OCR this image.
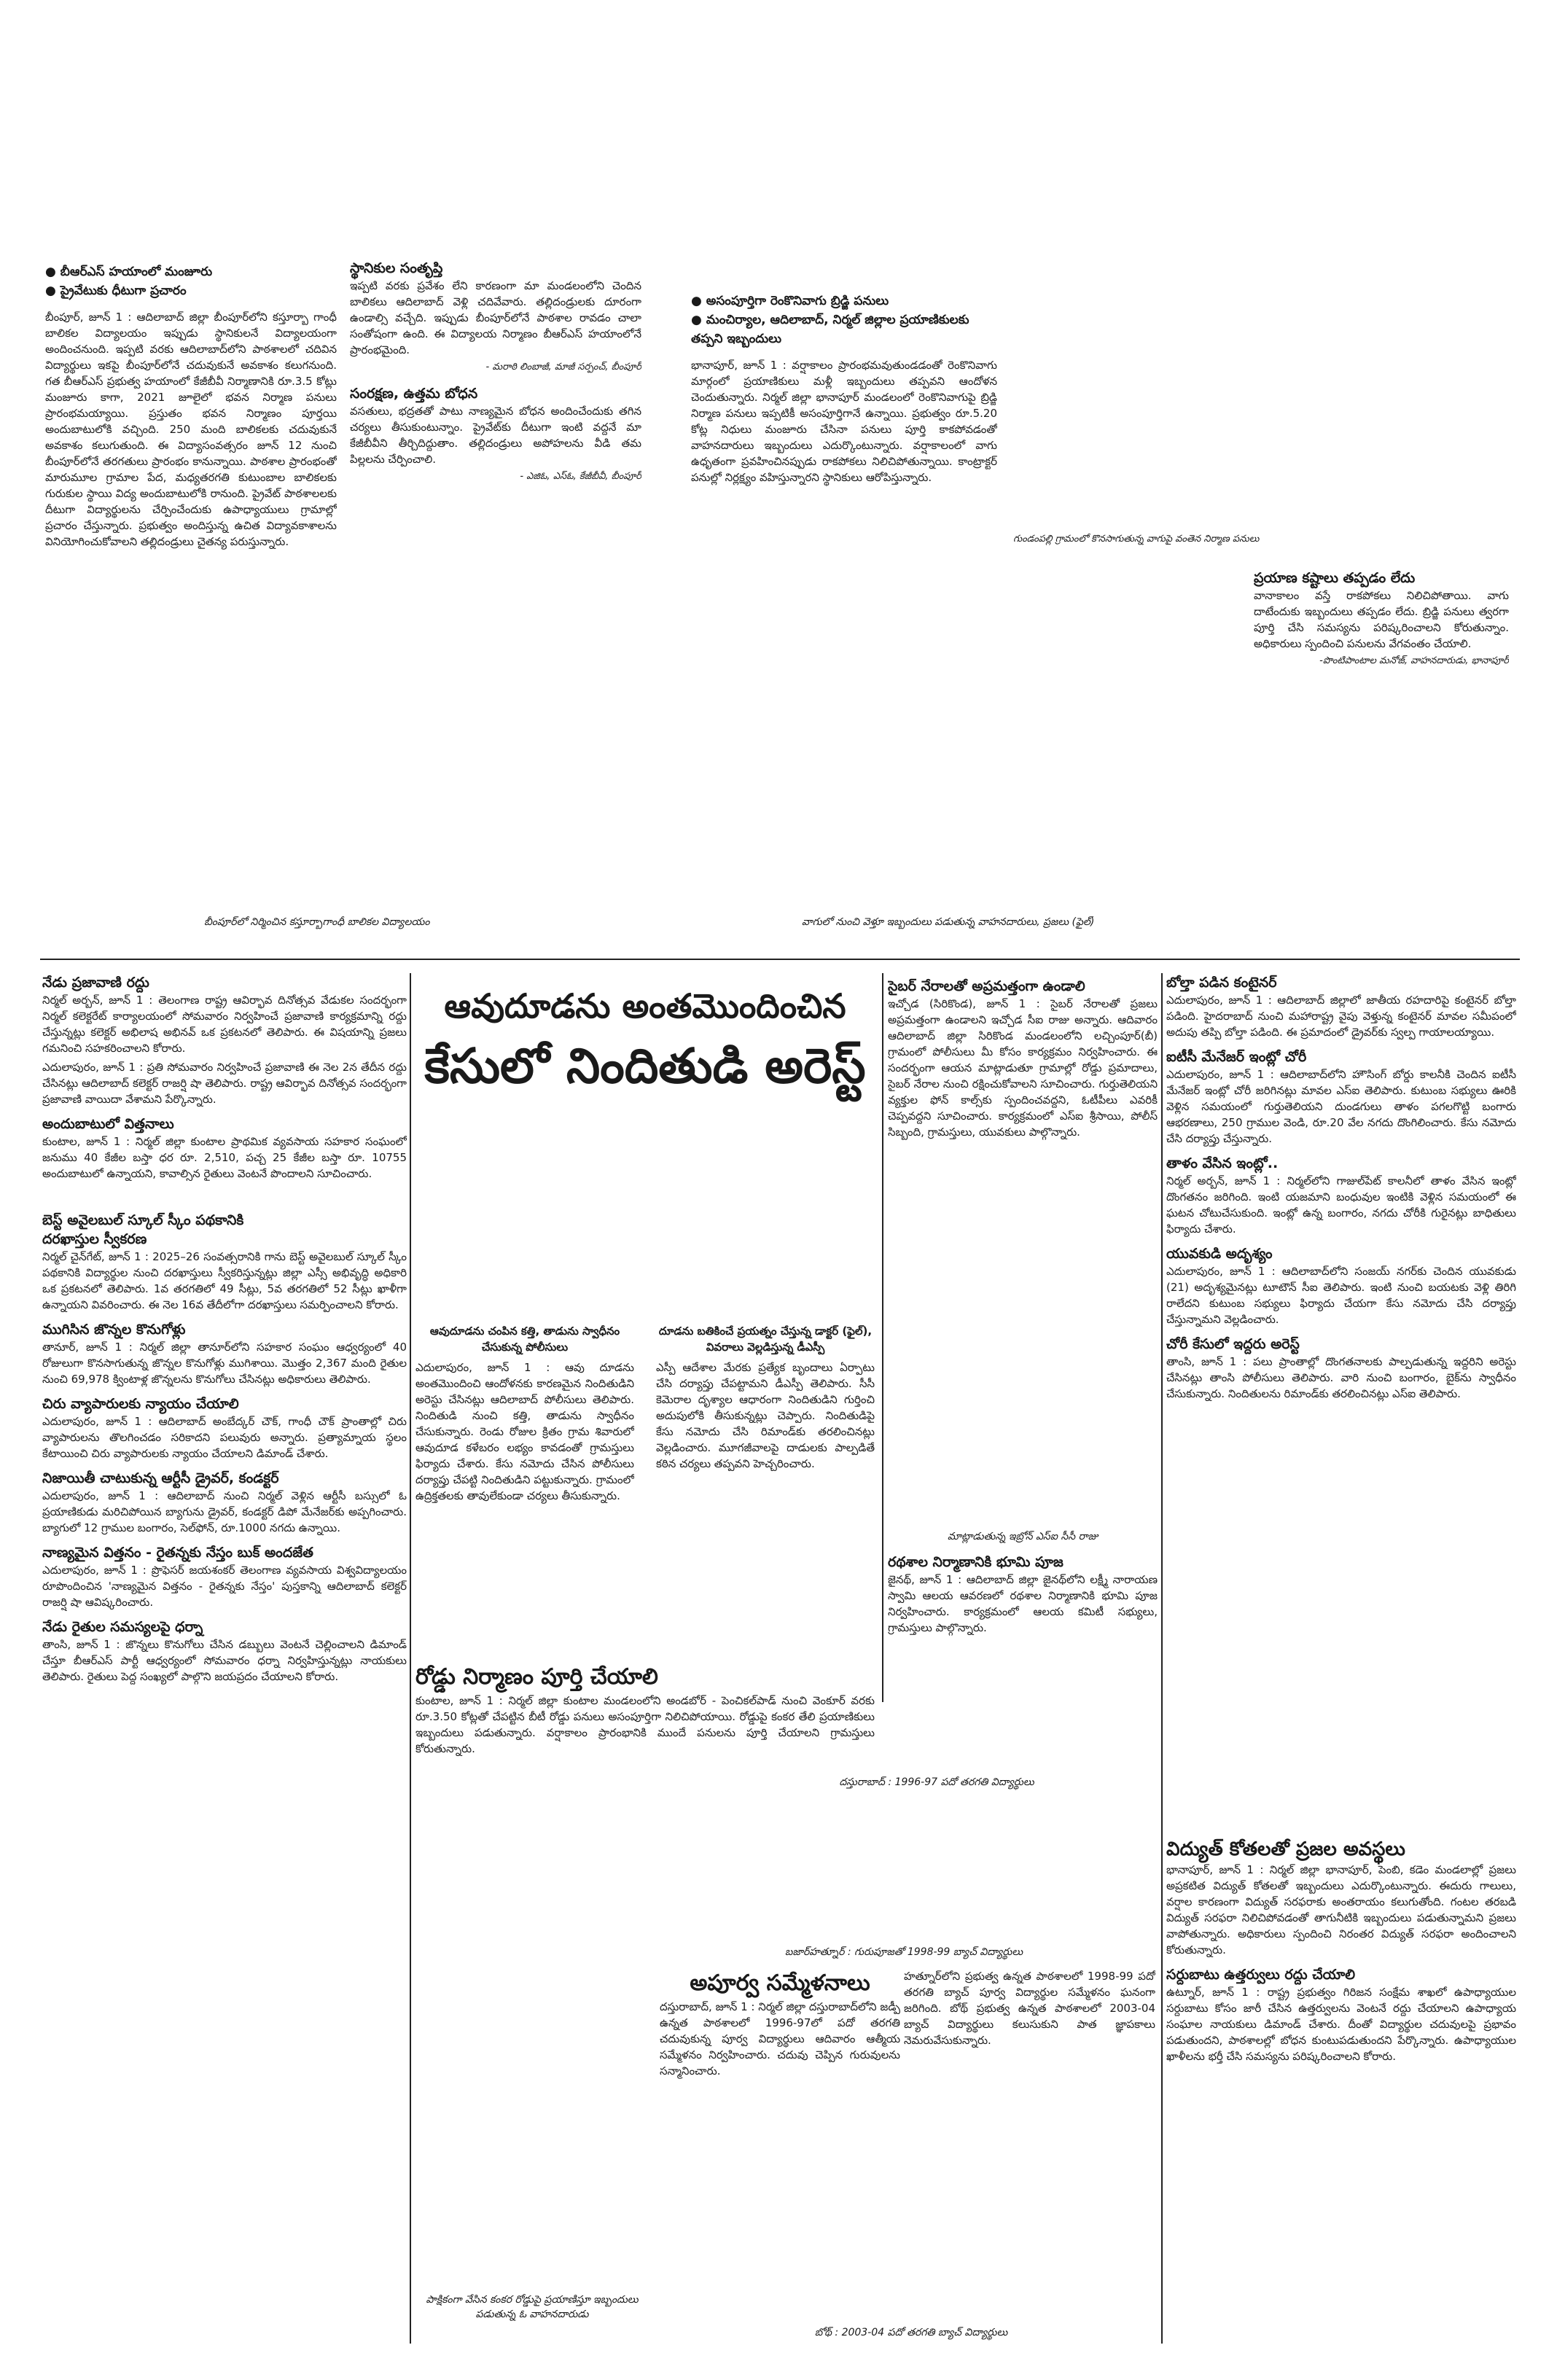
● బీఆర్ఎస్ హయాంలో మంజూరు
● ప్రైవేటుకు ధీటుగా ప్రచారం

బీంపూర్, జూన్ 1 : ఆదిలాబాద్ జిల్లా బీంపూర్‌లోని కస్తూర్బా గాంధీ బాలికల విద్యాలయం ఇప్పుడు స్థానికులనే విద్యాలయంగా అందించనుంది. ఇప్పటి వరకు ఆదిలాబాద్‌లోని పాఠశాలలో చదివిన విద్యార్థులు ఇకపై బీంపూర్‌లోనే చదువుకునే అవకాశం కలుగనుంది. గత బీఆర్ఎస్ ప్రభుత్వ హయాంలో కేజీబీవీ నిర్మాణానికి రూ.3.5 కోట్లు మంజూరు కాగా, 2021 జూలైలో భవన నిర్మాణ పనులు ప్రారంభమయ్యాయి. ప్రస్తుతం భవన నిర్మాణం పూర్తయి అందుబాటులోకి వచ్చింది. 250 మంది బాలికలకు చదువుకునే అవకాశం కలుగుతుంది. ఈ విద్యాసంవత్సరం జూన్ 12 నుంచి బీంపూర్‌లోనే తరగతులు ప్రారంభం కానున్నాయి. పాఠశాల ప్రారంభంతో మారుమూల గ్రామాల పేద, మధ్యతరగతి కుటుంబాల బాలికలకు గురుకుల స్థాయి విద్య అందుబాటులోకి రానుంది. ప్రైవేట్ పాఠశాలలకు దీటుగా విద్యార్థులను చేర్పించేందుకు ఉపాధ్యాయులు గ్రామాల్లో ప్రచారం చేస్తున్నారు. ప్రభుత్వం అందిస్తున్న ఉచిత విద్యావకాశాలను వినియోగించుకోవాలని తల్లిదండ్రులు చైతన్య పరుస్తున్నారు.

స్థానికుల సంతృప్తి

ఇప్పటి వరకు ప్రవేశం లేని కారణంగా మా మండలంలోని చెందిన బాలికలు ఆదిలాబాద్ వెళ్లి చదివేవారు. తల్లిదండ్రులకు దూరంగా ఉండాల్సి వచ్చేది. ఇప్పుడు బీంపూర్‌లోనే పాఠశాల రావడం చాలా సంతోషంగా ఉంది. ఈ విద్యాలయ నిర్మాణం బీఆర్ఎస్ హయాంలోనే ప్రారంభమైంది.

- మరాఠి లింబాజీ, మాజీ సర్పంచ్, బీంపూర్
సంరక్షణ, ఉత్తమ బోధన

వసతులు, భద్రతతో పాటు నాణ్యమైన బోధన అందించేందుకు తగిన చర్యలు తీసుకుంటున్నాం. ప్రైవేట్‌కు దీటుగా ఇంటి వద్దనే మా కేజీబీవీని తీర్చిదిద్దుతాం. తల్లిదండ్రులు అపోహలను వీడి తమ పిల్లలను చేర్పించాలి.

- ఎజిఓ, ఎస్ఓ, కేజీబీవీ, బీంపూర్
బీంపూర్‌లో నిర్మించిన కస్తూర్బాగాంధీ బాలికల విద్యాలయం
● అసంపూర్తిగా రెంకొనివాగు బ్రిడ్జి పనులు
● మంచిర్యాల, ఆదిలాబాద్, నిర్మల్ జిల్లాల ప్రయాణికులకు తప్పని ఇబ్బందులు

భానాపూర్, జూన్ 1 : వర్షాకాలం ప్రారంభమవుతుండడంతో రెంకొనివాగు మార్గంలో ప్రయాణికులు మళ్లీ ఇబ్బందులు తప్పవని ఆందోళన చెందుతున్నారు. నిర్మల్ జిల్లా భానాపూర్ మండలంలో రెంకొనివాగుపై బ్రిడ్జి నిర్మాణ పనులు ఇప్పటికీ అసంపూర్తిగానే ఉన్నాయి. ప్రభుత్వం రూ.5.20 కోట్ల నిధులు మంజూరు చేసినా పనులు పూర్తి కాకపోవడంతో వాహనదారులు ఇబ్బందులు ఎదుర్కొంటున్నారు. వర్షాకాలంలో వాగు ఉధృతంగా ప్రవహించినప్పుడు రాకపోకలు నిలిచిపోతున్నాయి. కాంట్రాక్టర్ పనుల్లో నిర్లక్ష్యం వహిస్తున్నారని స్థానికులు ఆరోపిస్తున్నారు.

గుండంపల్లి గ్రామంలో కొనసాగుతున్న వాగుపై వంతెన నిర్మాణ పనులు
ప్రయాణ కష్టాలు తప్పడం లేదు

వానాకాలం వస్తే రాకపోకలు నిలిచిపోతాయి. వాగు దాటేందుకు ఇబ్బందులు తప్పడం లేదు. బ్రిడ్జి పనులు త్వరగా పూర్తి చేసి సమస్యను పరిష్కరించాలని కోరుతున్నాం. అధికారులు స్పందించి పనులను వేగవంతం చేయాలి.

-పొంటిపాంటాల మనోజ్, వాహనదారుడు, భానాపూర్
వాగులో నుంచి వెళ్తూ ఇబ్బందులు పడుతున్న వాహనదారులు, ప్రజలు (ఫైల్)
నేడు ప్రజావాణి రద్దు

నిర్మల్ అర్బన్, జూన్ 1 : తెలంగాణ రాష్ట్ర ఆవిర్భావ దినోత్సవ వేడుకల సందర్భంగా నిర్మల్ కలెక్టరేట్ కార్యాలయంలో సోమవారం నిర్వహించే ప్రజావాణి కార్యక్రమాన్ని రద్దు చేస్తున్నట్లు కలెక్టర్ అభిలాష అభినవ్ ఒక ప్రకటనలో తెలిపారు. ఈ విషయాన్ని ప్రజలు గమనించి సహకరించాలని కోరారు.

ఎదులాపురం, జూన్ 1 : ప్రతి సోమవారం నిర్వహించే ప్రజావాణి ఈ నెల 2న తేదీన రద్దు చేసినట్లు ఆదిలాబాద్ కలెక్టర్ రాజర్షి షా తెలిపారు. రాష్ట్ర ఆవిర్భావ దినోత్సవ సందర్భంగా ప్రజావాణి వాయిదా వేశామని పేర్కొన్నారు.

అందుబాటులో విత్తనాలు

కుంటాల, జూన్ 1 : నిర్మల్ జిల్లా కుంటాల ప్రాథమిక వ్యవసాయ సహకార సంఘంలో జనుము 40 కేజీల బస్తా ధర రూ. 2,510, పచ్చ 25 కేజీల బస్తా రూ. 10755 అందుబాటులో ఉన్నాయని, కావాల్సిన రైతులు వెంటనే పొందాలని సూచించారు.

బెస్ట్ అవైలబుల్ స్కూల్ స్కీం పథకానికి
దరఖాస్తుల స్వీకరణ

నిర్మల్ చైన్‌గేట్, జూన్ 1 : 2025–26 సంవత్సరానికి గాను బెస్ట్ అవైలబుల్ స్కూల్ స్కీం పథకానికి విద్యార్థుల నుంచి దరఖాస్తులు స్వీకరిస్తున్నట్లు జిల్లా ఎస్సీ అభివృద్ధి అధికారి ఒక ప్రకటనలో తెలిపారు. 1వ తరగతిలో 49 సీట్లు, 5వ తరగతిలో 52 సీట్లు ఖాళీగా ఉన్నాయని వివరించారు. ఈ నెల 16వ తేదీలోగా దరఖాస్తులు సమర్పించాలని కోరారు.

ముగిసిన జొన్నల కొనుగోళ్లు

తానూర్, జూన్ 1 : నిర్మల్ జిల్లా తానూర్‌లోని సహకార సంఘం ఆధ్వర్యంలో 40 రోజులుగా కొనసాగుతున్న జొన్నల కొనుగోళ్లు ముగిశాయి. మొత్తం 2,367 మంది రైతుల నుంచి 69,978 క్వింటాళ్ల జొన్నలను కొనుగోలు చేసినట్లు అధికారులు తెలిపారు.

చిరు వ్యాపారులకు న్యాయం చేయాలి

ఎదులాపురం, జూన్ 1 : ఆదిలాబాద్ అంబేద్కర్ చౌక్, గాంధీ చౌక్ ప్రాంతాల్లో చిరు వ్యాపారులను తొలగించడం సరికాదని పలువురు అన్నారు. ప్రత్యామ్నాయ స్థలం కేటాయించి చిరు వ్యాపారులకు న్యాయం చేయాలని డిమాండ్ చేశారు.

నిజాయితీ చాటుకున్న ఆర్టీసీ డ్రైవర్, కండక్టర్

ఎదులాపురం, జూన్ 1 : ఆదిలాబాద్ నుంచి నిర్మల్ వెళ్లిన ఆర్టీసీ బస్సులో ఓ ప్రయాణికుడు మరిచిపోయిన బ్యాగును డ్రైవర్, కండక్టర్ డిపో మేనేజర్‌కు అప్పగించారు. బ్యాగులో 12 గ్రాముల బంగారం, సెల్‌ఫోన్, రూ.1000 నగదు ఉన్నాయి.

నాణ్యమైన విత్తనం - రైతన్నకు నేస్తం బుక్ అందజేత

ఎదులాపురం, జూన్ 1 : ప్రొఫెసర్ జయశంకర్ తెలంగాణ వ్యవసాయ విశ్వవిద్యాలయం రూపొందించిన 'నాణ్యమైన విత్తనం - రైతన్నకు నేస్తం' పుస్తకాన్ని ఆదిలాబాద్ కలెక్టర్ రాజర్షి షా ఆవిష్కరించారు.

నేడు రైతుల సమస్యలపై ధర్నా

తాంసి, జూన్ 1 : జొన్నలు కొనుగోలు చేసిన డబ్బులు వెంటనే చెల్లించాలని డిమాండ్ చేస్తూ బీఆర్ఎస్ పార్టీ ఆధ్వర్యంలో సోమవారం ధర్నా నిర్వహిస్తున్నట్లు నాయకులు తెలిపారు. రైతులు పెద్ద సంఖ్యలో పాల్గొని జయప్రదం చేయాలని కోరారు.

ఆవుదూడను అంతమొందించిన
కేసులో నిందితుడి అరెస్ట్
ఆవుదూడను చంపిన కత్తి, తాడును స్వాధీనం చేసుకున్న పోలీసులు

ఎదులాపురం, జూన్ 1 : ఆవు దూడను అంతమొందించి ఆందోళనకు కారణమైన నిందితుడిని అరెస్టు చేసినట్లు ఆదిలాబాద్ పోలీసులు తెలిపారు. నిందితుడి నుంచి కత్తి, తాడును స్వాధీనం చేసుకున్నారు. రెండు రోజుల క్రితం గ్రామ శివారులో ఆవుదూడ కళేబరం లభ్యం కావడంతో గ్రామస్తులు ఫిర్యాదు చేశారు. కేసు నమోదు చేసిన పోలీసులు దర్యాప్తు చేపట్టి నిందితుడిని పట్టుకున్నారు. గ్రామంలో ఉద్రిక్తతలకు తావులేకుండా చర్యలు తీసుకున్నారు.

దూడను బతికించే ప్రయత్నం చేస్తున్న డాక్టర్ (ఫైల్), వివరాలు వెల్లడిస్తున్న డీఎస్పీ

ఎస్పీ ఆదేశాల మేరకు ప్రత్యేక బృందాలు ఏర్పాటు చేసి దర్యాప్తు చేపట్టామని డీఎస్పీ తెలిపారు. సీసీ కెమెరాల దృశ్యాల ఆధారంగా నిందితుడిని గుర్తించి అదుపులోకి తీసుకున్నట్లు చెప్పారు. నిందితుడిపై కేసు నమోదు చేసి రిమాండ్‌కు తరలించినట్లు వెల్లడించారు. మూగజీవాలపై దాడులకు పాల్పడితే కఠిన చర్యలు తప్పవని హెచ్చరించారు.

రోడ్డు నిర్మాణం పూర్తి చేయాలి

కుంటాల, జూన్ 1 : నిర్మల్ జిల్లా కుంటాల మండలంలోని అండబోర్ - పెంచికల్‌పాడ్ నుంచి వెంకూర్ వరకు రూ.3.50 కోట్లతో చేపట్టిన బీటీ రోడ్డు పనులు అసంపూర్తిగా నిలిచిపోయాయి. రోడ్డుపై కంకర తేలి ప్రయాణికులు ఇబ్బందులు పడుతున్నారు. వర్షాకాలం ప్రారంభానికి ముందే పనులను పూర్తి చేయాలని గ్రామస్తులు కోరుతున్నారు.

సైబర్ నేరాలతో అప్రమత్తంగా ఉండాలి

ఇచ్చోడ (సిరికొండ), జూన్ 1 : సైబర్ నేరాలతో ప్రజలు అప్రమత్తంగా ఉండాలని ఇచ్చోడ సీఐ రాజు అన్నారు. ఆదివారం ఆదిలాబాద్ జిల్లా సిరికొండ మండలంలోని లచ్చింపూర్(బీ) గ్రామంలో పోలీసులు మీ కోసం కార్యక్రమం నిర్వహించారు. ఈ సందర్భంగా ఆయన మాట్లాడుతూ గ్రామాల్లో రోడ్డు ప్రమాదాలు, సైబర్ నేరాల నుంచి రక్షించుకోవాలని సూచించారు. గుర్తుతెలియని వ్యక్తుల ఫోన్ కాల్స్‌కు స్పందించవద్దని, ఓటీపీలు ఎవరికీ చెప్పవద్దని సూచించారు. కార్యక్రమంలో ఎస్ఐ శ్రీసాయి, పోలీస్ సిబ్బంది, గ్రామస్తులు, యువకులు పాల్గొన్నారు.

మాట్లాడుతున్న ఇబ్రోన్‌ ఎస్‌ఐ సీసీ రాజు
రథశాల నిర్మాణానికి భూమి పూజ

జైనథ్, జూన్ 1 : ఆదిలాబాద్ జిల్లా జైనథ్‌లోని లక్ష్మీ నారాయణ స్వామి ఆలయ ఆవరణలో రథశాల నిర్మాణానికి భూమి పూజ నిర్వహించారు. కార్యక్రమంలో ఆలయ కమిటీ సభ్యులు, గ్రామస్తులు పాల్గొన్నారు.

దస్తురాబాద్ : 1996-97 పదో తరగతి విద్యార్థులు
బజార్‌హత్నూర్ : గురుపూజతో 1998-99 బ్యాచ్ విద్యార్థులు
అపూర్వ సమ్మేళనాలు

దస్తురాబాద్, జూన్ 1 : నిర్మల్ జిల్లా దస్తురాబాద్‌లోని జడ్పీ ఉన్నత పాఠశాలలో 1996-97లో పదో తరగతి చదువుకున్న పూర్వ విద్యార్థులు ఆదివారం ఆత్మీయ సమ్మేళనం నిర్వహించారు. చదువు చెప్పిన గురువులను సన్మానించారు.

హత్నూర్‌లోని ప్రభుత్వ ఉన్నత పాఠశాలలో 1998-99 పదో తరగతి బ్యాచ్ పూర్వ విద్యార్థుల సమ్మేళనం ఘనంగా జరిగింది. బోథ్ ప్రభుత్వ ఉన్నత పాఠశాలలో 2003-04 బ్యాచ్ విద్యార్థులు కలుసుకుని పాత జ్ఞాపకాలు నెమరువేసుకున్నారు.

పాక్షికంగా వేసిన కంకర రోడ్డుపై ప్రయాణిస్తూ ఇబ్బందులు పడుతున్న ఓ వాహనదారుడు
బోథ్ : 2003-04 పదో తరగతి బ్యాచ్ విద్యార్థులు
బోల్తా పడిన కంటైనర్

ఎదులాపురం, జూన్ 1 : ఆదిలాబాద్ జిల్లాలో జాతీయ రహదారిపై కంటైనర్ బోల్తా పడింది. హైదరాబాద్ నుంచి మహారాష్ట్ర వైపు వెళ్తున్న కంటైనర్ మావల సమీపంలో అదుపు తప్పి బోల్తా పడింది. ఈ ప్రమాదంలో డ్రైవర్‌కు స్వల్ప గాయాలయ్యాయి.

ఐటీసీ మేనేజర్ ఇంట్లో చోరీ

ఎదులాపురం, జూన్ 1 : ఆదిలాబాద్‌లోని హౌసింగ్ బోర్డు కాలనీకి చెందిన ఐటీసీ మేనేజర్ ఇంట్లో చోరీ జరిగినట్లు మావల ఎస్ఐ తెలిపారు. కుటుంబ సభ్యులు ఊరికి వెళ్లిన సమయంలో గుర్తుతెలియని దుండగులు తాళం పగలగొట్టి బంగారు ఆభరణాలు, 250 గ్రాముల వెండి, రూ.20 వేల నగదు దొంగిలించారు. కేసు నమోదు చేసి దర్యాప్తు చేస్తున్నారు.

తాళం వేసిన ఇంట్లో..

నిర్మల్ అర్బన్, జూన్ 1 : నిర్మల్‌లోని గాజుల్‌పేట్ కాలనీలో తాళం వేసిన ఇంట్లో దొంగతనం జరిగింది. ఇంటి యజమాని బంధువుల ఇంటికి వెళ్లిన సమయంలో ఈ ఘటన చోటుచేసుకుంది. ఇంట్లో ఉన్న బంగారం, నగదు చోరీకి గురైనట్లు బాధితులు ఫిర్యాదు చేశారు.

యువకుడి అదృశ్యం

ఎదులాపురం, జూన్ 1 : ఆదిలాబాద్‌లోని సంజయ్ నగర్‌కు చెందిన యువకుడు (21) అదృశ్యమైనట్లు టూటౌన్ సీఐ తెలిపారు. ఇంటి నుంచి బయటకు వెళ్లి తిరిగి రాలేదని కుటుంబ సభ్యులు ఫిర్యాదు చేయగా కేసు నమోదు చేసి దర్యాప్తు చేస్తున్నామని వెల్లడించారు.

చోరీ కేసులో ఇద్దరు అరెస్ట్

తాంసి, జూన్ 1 : పలు ప్రాంతాల్లో దొంగతనాలకు పాల్పడుతున్న ఇద్దరిని అరెస్టు చేసినట్లు తాంసి పోలీసులు తెలిపారు. వారి నుంచి బంగారం, బైక్‌ను స్వాధీనం చేసుకున్నారు. నిందితులను రిమాండ్‌కు తరలించినట్లు ఎస్ఐ తెలిపారు.

విద్యుత్ కోతలతో ప్రజల అవస్థలు

భానాపూర్, జూన్ 1 : నిర్మల్ జిల్లా భానాపూర్, పెంబి, కడెం మండలాల్లో ప్రజలు అప్రకటిత విద్యుత్ కోతలతో ఇబ్బందులు ఎదుర్కొంటున్నారు. ఈదురు గాలులు, వర్షాల కారణంగా విద్యుత్ సరఫరాకు అంతరాయం కలుగుతోంది. గంటల తరబడి విద్యుత్ సరఫరా నిలిచిపోవడంతో తాగునీటికి ఇబ్బందులు పడుతున్నామని ప్రజలు వాపోతున్నారు. అధికారులు స్పందించి నిరంతర విద్యుత్ సరఫరా అందించాలని కోరుతున్నారు.

సర్దుబాటు ఉత్తర్వులు రద్దు చేయాలి

ఉట్నూర్, జూన్ 1 : రాష్ట్ర ప్రభుత్వం గిరిజన సంక్షేమ శాఖలో ఉపాధ్యాయుల సర్దుబాటు కోసం జారీ చేసిన ఉత్తర్వులను వెంటనే రద్దు చేయాలని ఉపాధ్యాయ సంఘాల నాయకులు డిమాండ్ చేశారు. దీంతో విద్యార్థుల చదువులపై ప్రభావం పడుతుందని, పాఠశాలల్లో బోధన కుంటుపడుతుందని పేర్కొన్నారు. ఉపాధ్యాయుల ఖాళీలను భర్తీ చేసి సమస్యను పరిష్కరించాలని కోరారు.
